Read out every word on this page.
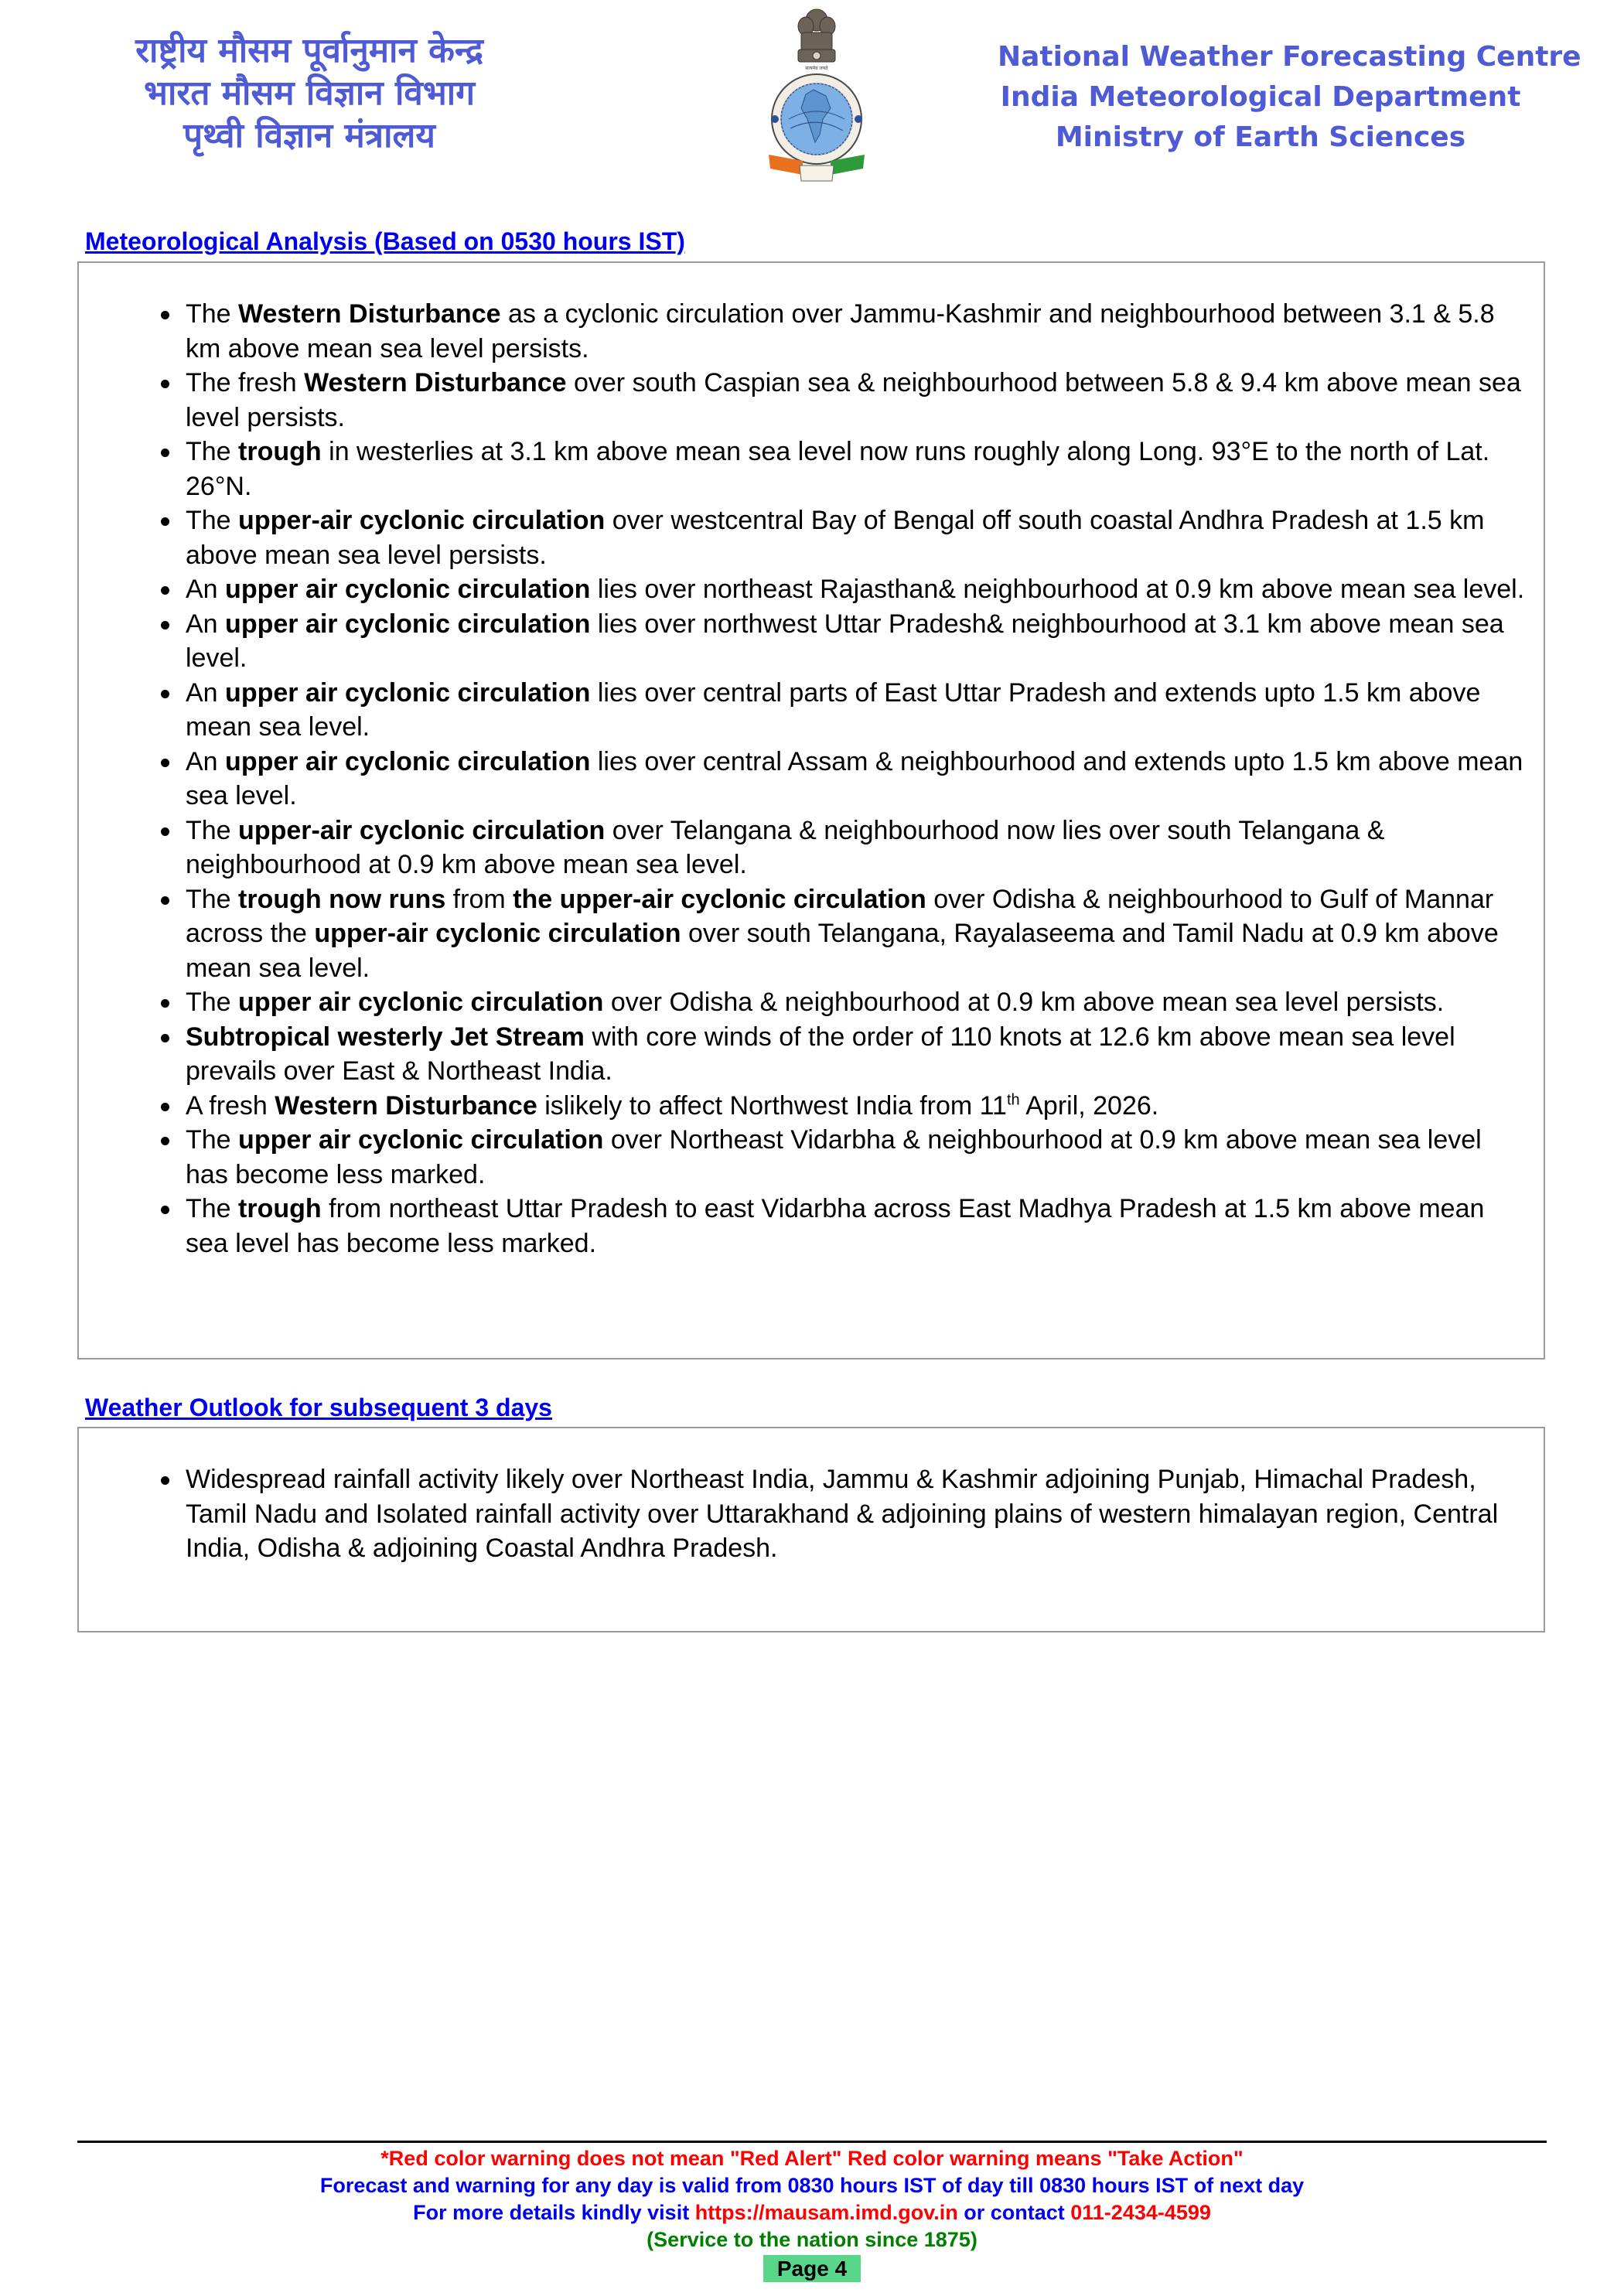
राष्ट्रीय मौसम पूर्वानुमान केन्द्र
भारत मौसम विज्ञान विभाग
पृथ्वी विज्ञान मंत्रालय
सत्यमेव जयते	National Weather Forecasting Centre
India Meteorological Department
Ministry of Earth Sciences
Meteorological Analysis (Based on 0530 hours IST)
The Western Disturbance as a cyclonic circulation over Jammu-Kashmir and neighbourhood between 3.1 & 5.8 km above mean sea level persists.
The fresh Western Disturbance over south Caspian sea & neighbourhood between 5.8 & 9.4 km above mean sea level persists.
The trough in westerlies at 3.1 km above mean sea level now runs roughly along Long. 93°E to the north of Lat. 26°N.
The upper-air cyclonic circulation over westcentral Bay of Bengal off south coastal Andhra Pradesh at 1.5 km above mean sea level persists.
An upper air cyclonic circulation lies over northeast Rajasthan& neighbourhood at 0.9 km above mean sea level.
An upper air cyclonic circulation lies over northwest Uttar Pradesh& neighbourhood at 3.1 km above mean sea level.
An upper air cyclonic circulation lies over central parts of East Uttar Pradesh and extends upto 1.5 km above mean sea level.
An upper air cyclonic circulation lies over central Assam & neighbourhood and extends upto 1.5 km above mean sea level.
The upper-air cyclonic circulation over Telangana & neighbourhood now lies over south Telangana & neighbourhood at 0.9 km above mean sea level.
The trough now runs from the upper-air cyclonic circulation over Odisha & neighbourhood to Gulf of Mannar across the upper-air cyclonic circulation over south Telangana, Rayalaseema and Tamil Nadu at 0.9 km above mean sea level.
The upper air cyclonic circulation over Odisha & neighbourhood at 0.9 km above mean sea level persists.
Subtropical westerly Jet Stream with core winds of the order of 110 knots at 12.6 km above mean sea level prevails over East & Northeast India.
A fresh Western Disturbance islikely to affect Northwest India from 11th April, 2026.
The upper air cyclonic circulation over Northeast Vidarbha & neighbourhood at 0.9 km above mean sea level has become less marked.
The trough from northeast Uttar Pradesh to east Vidarbha across East Madhya Pradesh at 1.5 km above mean sea level has become less marked.
Weather Outlook for subsequent 3 days
Widespread rainfall activity likely over Northeast India, Jammu & Kashmir adjoining Punjab, Himachal Pradesh, Tamil Nadu and Isolated rainfall activity over Uttarakhand & adjoining plains of western himalayan region, Central India, Odisha & adjoining Coastal Andhra Pradesh.
*Red color warning does not mean "Red Alert" Red color warning means "Take Action"
Forecast and warning for any day is valid from 0830 hours IST of day till 0830 hours IST of next day
For more details kindly visit https://mausam.imd.gov.in or contact 011-2434-4599
(Service to the nation since 1875)
Page 4
